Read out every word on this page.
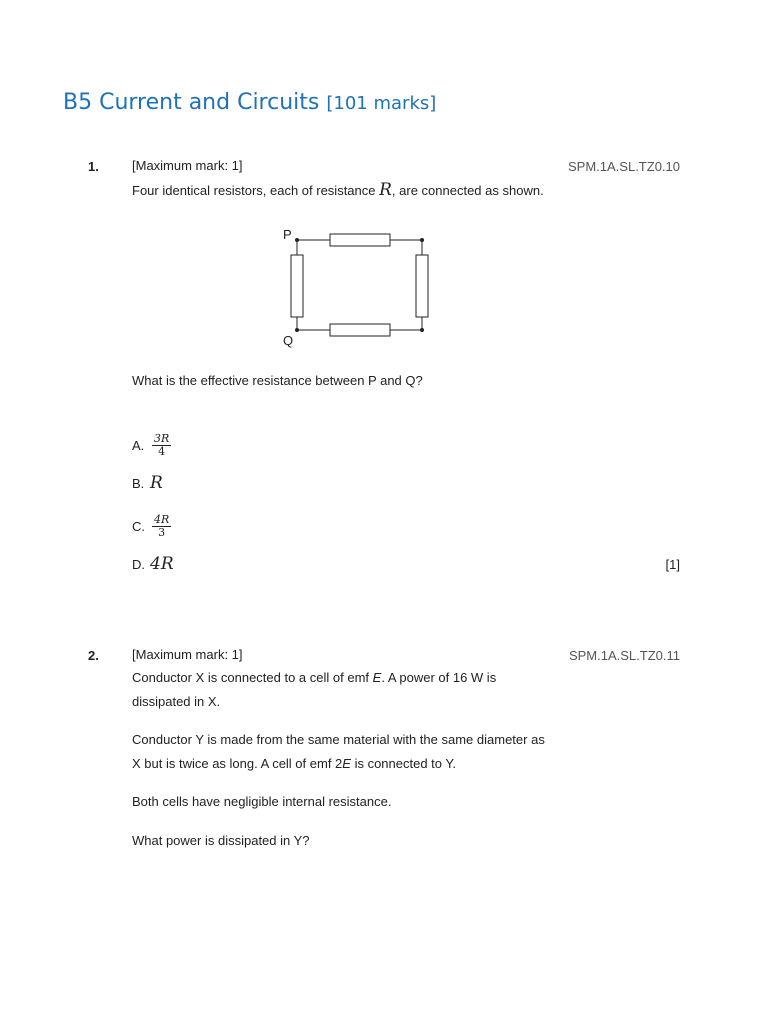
B5 Current and Circuits [101 marks]
1.	[Maximum mark: 1]	SPM.1A.SL.TZ0.10
Four identical resistors, each of resistance R, are connected as shown.
P
Q
What is the effective resistance between P and Q?
A. $\frac{3R}{4}$
B. R
C. $\frac{4R}{3}$
D. 4R	[1]
2.	[Maximum mark: 1]	SPM.1A.SL.TZ0.11
Conductor X is connected to a cell of emf E. A power of 16 W is
dissipated in X.
Conductor Y is made from the same material with the same diameter as
X but is twice as long. A cell of emf 2E is connected to Y.
Both cells have negligible internal resistance.
What power is dissipated in Y?
